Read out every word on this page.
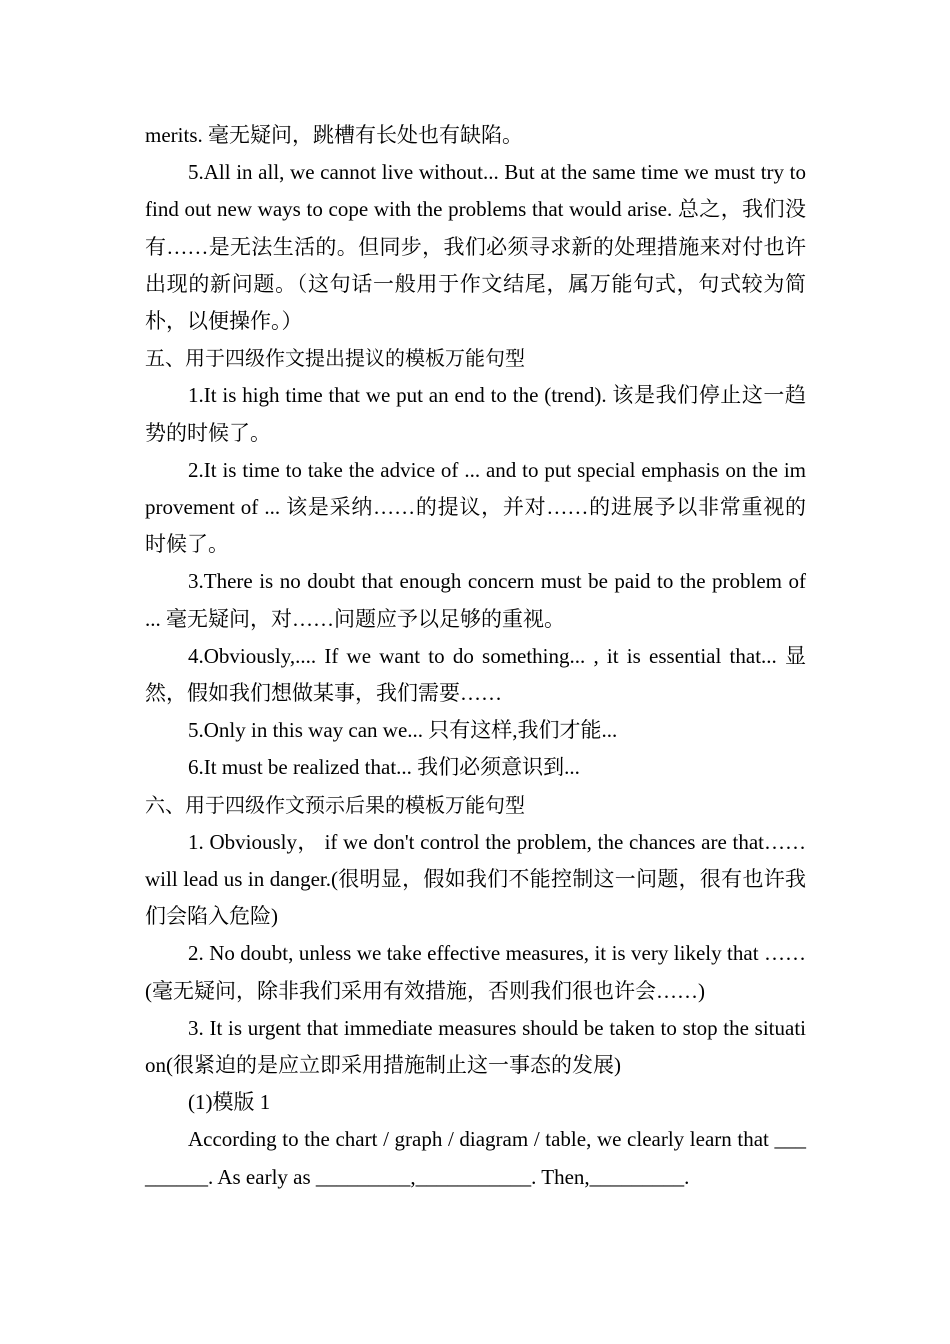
merits. 毫无疑问，跳槽有长处也有缺陷。

5.All in all, we cannot live without... But at the same time we must try to find out new ways to cope with the problems that would arise. 总之，我们没有……是无法生活的。但同步，我们必须寻求新的处理措施来对付也许出现的新问题。（这句话一般用于作文结尾，属万能句式，句式较为简朴，以便操作。）

五、用于四级作文提出提议的模板万能句型

1.It is high time that we put an end to the (trend). 该是我们停止这一趋势的时候了。

2.It is time to take the advice of ... and to put special emphasis on the improvement of ... 该是采纳……的提议，并对……的进展予以非常重视的时候了。

3.There is no doubt that enough concern must be paid to the problem of ... 毫无疑问，对……问题应予以足够的重视。

4.Obviously,.... If we want to do something... , it is essential that... 显然，假如我们想做某事，我们需要……

5.Only in this way can we... 只有这样,我们才能...

6.It must be realized that... 我们必须意识到...

六、用于四级作文预示后果的模板万能句型

1. Obviously， if we don't control the problem, the chances are that……will lead us in danger.(很明显，假如我们不能控制这一问题，很有也许我们会陷入危险)

2. No doubt, unless we take effective measures, it is very likely that ……(毫无疑问，除非我们采用有效措施，否则我们很也许会……)

3. It is urgent that immediate measures should be taken to stop the situation(很紧迫的是应立即采用措施制止这一事态的发展)

(1)模版 1

According to the chart / graph / diagram / table, we clearly learn that _________. As early as _________,___________. Then,_________.
